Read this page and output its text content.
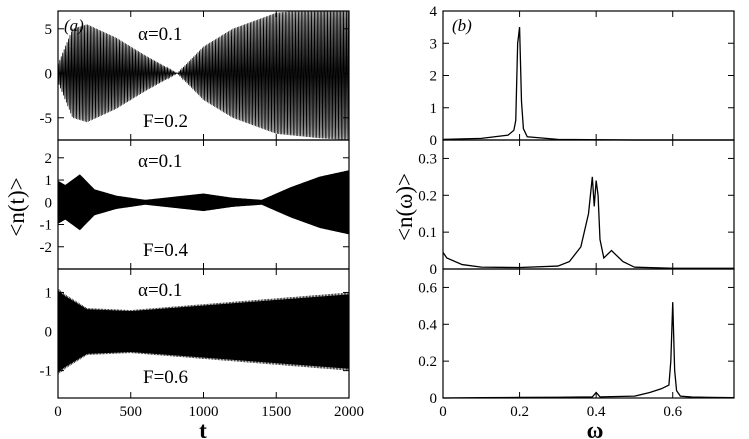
5
0
-5
2
1
0
-1
-2
1
0
-1
0	500	1000	1500	2000
4
3
2
1
0
0.3
0.2
0.1
0
0.6
0.4
0.2
0
0	0.2	0.4	0.6
(a)	(b)
α=0.1
F=0.2
α=0.1
F=0.4
α=0.1
F=0.6
<n(t)>	<n(ω)>
t	ω
